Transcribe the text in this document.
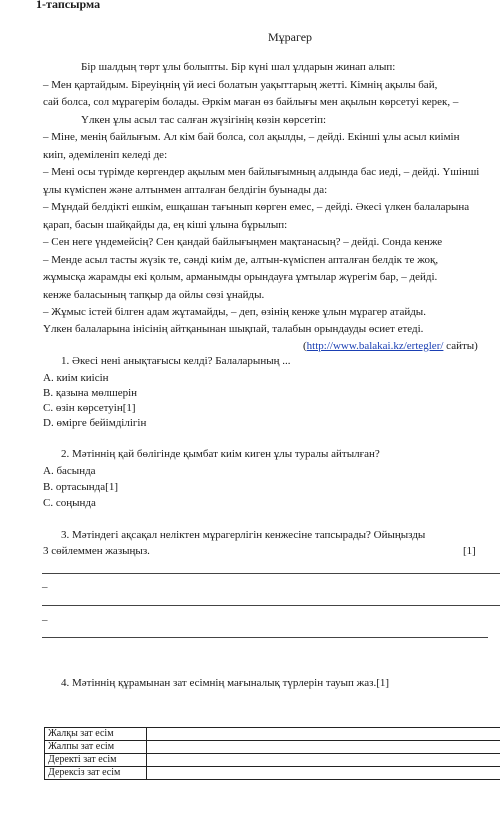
1-тапсырма
Мұрагер
Бір шалдың төрт ұлы болыпты. Бір күні шал ұлдарын жинап алып:
– Мен қартайдым. Біреуіңнің үй иесі болатын уақыттарың жетті. Кімнің ақылы бай,
сай болса, сол мұрагерім болады. Әркім маған өз байлығы мен ақылын көрсетуі керек, –
Үлкен ұлы асыл тас салған жүзігінің көзін көрсетіп:
– Міне, менің байлығым. Ал кім бай болса, сол ақылды, – дейді. Екінші ұлы асыл киімін
киіп, әдеміленіп келеді де:
– Мені осы түрімде көргендер ақылым мен байлығымның алдында бас иеді, – дейді. Үшінші
ұлы күміспен және алтынмен апталған белдігін буынады да:
– Мұндай белдікті ешкім, ешқашан тағынып көрген емес, – дейді. Әкесі үлкен балаларына
қарап, басын шайқайды да, ең кіші ұлына бұрылып:
– Сен неге үндемейсің? Сен қандай байлығыңмен мақтанасың? – дейді. Сонда кенже
– Менде асыл тасты жүзік те, сәнді киім де, алтын-күміспен апталған белдік те жоқ,
жұмысқа жарамды екі қолым, арманымды орындауға ұмтылар жүрегім бар, – дейді.
кенже баласының тапқыр да ойлы сөзі ұнайды.
– Жұмыс істей білген адам жұтамайды, – деп, өзінің кенже ұлын мұрагер атайды.
Үлкен балаларына інісінің айтқанынан шықпай, талабын орындауды өсиет етеді.
(http://www.balakai.kz/ertegler/ сайты)
1. Әкесі нені анықтағысы келді? Балаларының ...
A. киім киісін
B. қазына мөлшерін
C. өзін көрсетуін[1]
D. өмірге бейімділігін
2. Мәтіннің қай бөлігінде қымбат киім киген ұлы туралы айтылған?
A. басында
B. ортасында[1]
C. соңында
3. Мәтіндегі ақсақал неліктен мұрагерлігін кенжесіне тапсырады? Ойыңызды
3 сөйлеммен жазыңыз.	[1]
–
–
4. Мәтіннің құрамынан зат есімнің мағыналық түрлерін тауып жаз.[1]
Жалқы зат есім	
Жалпы зат есім	
Деректі зат есім	
Дерексіз зат есім	
